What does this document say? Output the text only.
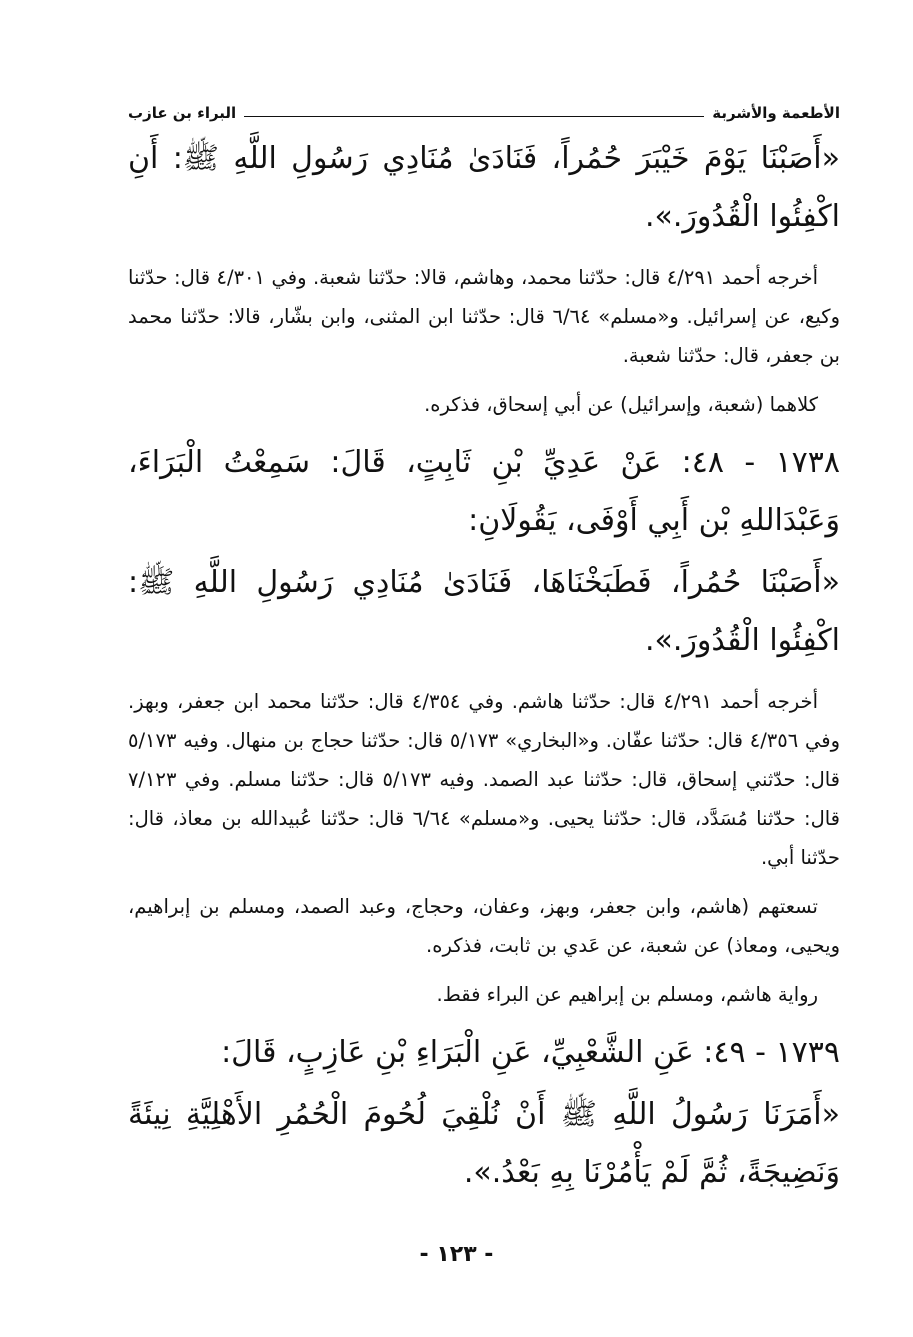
الأطعمة والأشربة
البراء بن عازب

«أَصَبْنَا يَوْمَ خَيْبَرَ حُمُراً، فَنَادَىٰ مُنَادِي رَسُولِ اللَّهِ ﷺ: أَنِ اكْفِئُوا الْقُدُورَ.».

أخرجه أحمد ٤/٢٩١ قال: حدّثنا محمد، وهاشم، قالا: حدّثنا شعبة. وفي ٤/٣٠١ قال: حدّثنا وكيع، عن إسرائيل. و«مسلم» ٦/٦٤ قال: حدّثنا ابن المثنى، وابن بشّار، قالا: حدّثنا محمد بن جعفر، قال: حدّثنا شعبة.

كلاهما (شعبة، وإسرائيل) عن أبي إسحاق، فذكره.

١٧٣٨ - ٤٨: عَنْ عَدِيِّ بْنِ ثَابِتٍ، قَالَ: سَمِعْتُ الْبَرَاءَ، وَعَبْدَاللهِ بْن أَبِي أَوْفَى، يَقُولَانِ:

«أَصَبْنَا حُمُراً، فَطَبَخْنَاهَا، فَنَادَىٰ مُنَادِي رَسُولِ اللَّهِ ﷺ: اكْفِئُوا الْقُدُورَ.».

أخرجه أحمد ٤/٢٩١ قال: حدّثنا هاشم. وفي ٤/٣٥٤ قال: حدّثنا محمد ابن جعفر، وبهز. وفي ٤/٣٥٦ قال: حدّثنا عفّان. و«البخاري» ٥/١٧٣ قال: حدّثنا حجاج بن منهال. وفيه ٥/١٧٣ قال: حدّثني إسحاق، قال: حدّثنا عبد الصمد. وفيه ٥/١٧٣ قال: حدّثنا مسلم. وفي ٧/١٢٣ قال: حدّثنا مُسَدَّد، قال: حدّثنا يحيى. و«مسلم» ٦/٦٤ قال: حدّثنا عُبيدالله بن معاذ، قال: حدّثنا أبي.

تسعتهم (هاشم، وابن جعفر، وبهز، وعفان، وحجاج، وعبد الصمد، ومسلم بن إبراهيم، ويحيى، ومعاذ) عن شعبة، عن عَدي بن ثابت، فذكره.

رواية هاشم، ومسلم بن إبراهيم عن البراء فقط.

١٧٣٩ - ٤٩: عَنِ الشَّعْبِيِّ، عَنِ الْبَرَاءِ بْنِ عَازِبٍ، قَالَ:

«أَمَرَنَا رَسُولُ اللَّهِ ﷺ أَنْ نُلْقِيَ لُحُومَ الْحُمُرِ الأَهْلِيَّةِ نِيئَةً وَنَضِيجَةً، ثُمَّ لَمْ يَأْمُرْنَا بِهِ بَعْدُ.».

- ١٢٣ -
